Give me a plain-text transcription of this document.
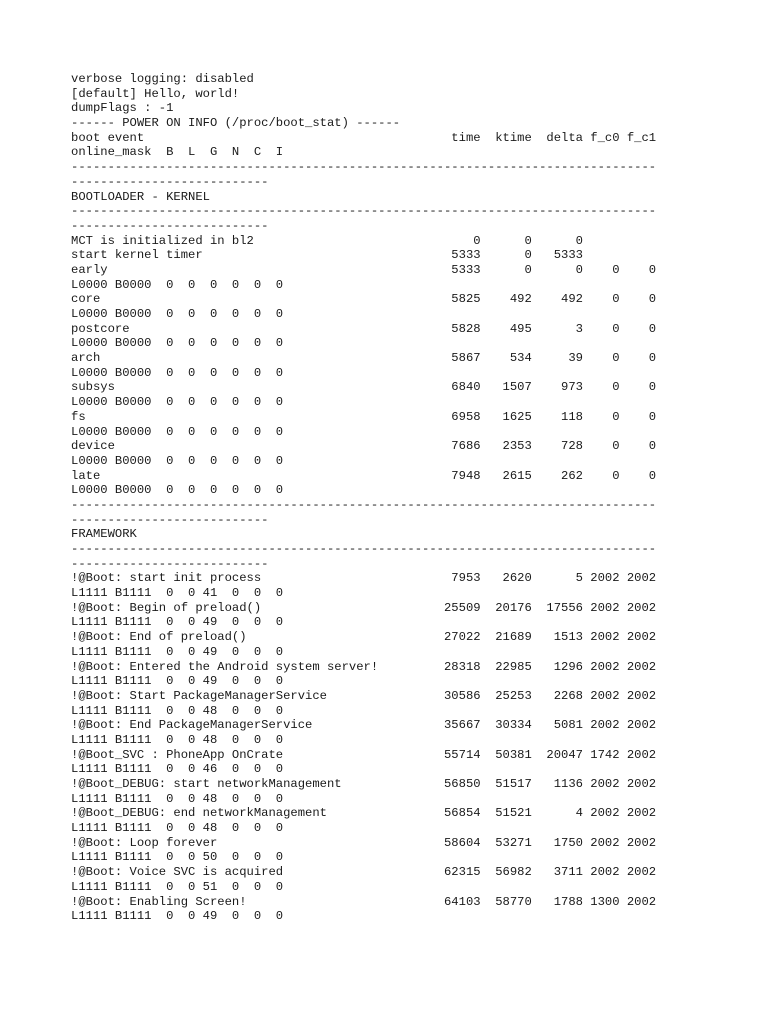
verbose logging: disabled
[default] Hello, world!
dumpFlags : -1
------ POWER ON INFO (/proc/boot_stat) ------
boot event                                          time  ktime  delta f_c0 f_c1
online_mask  B  L  G  N  C  I
--------------------------------------------------------------------------------
---------------------------
BOOTLOADER - KERNEL
--------------------------------------------------------------------------------
---------------------------
MCT is initialized in bl2                              0      0      0
start kernel timer                                  5333      0   5333
early                                               5333      0      0    0    0
L0000 B0000  0  0  0  0  0  0
core                                                5825    492    492    0    0
L0000 B0000  0  0  0  0  0  0
postcore                                            5828    495      3    0    0
L0000 B0000  0  0  0  0  0  0
arch                                                5867    534     39    0    0
L0000 B0000  0  0  0  0  0  0
subsys                                              6840   1507    973    0    0
L0000 B0000  0  0  0  0  0  0
fs                                                  6958   1625    118    0    0
L0000 B0000  0  0  0  0  0  0
device                                              7686   2353    728    0    0
L0000 B0000  0  0  0  0  0  0
late                                                7948   2615    262    0    0
L0000 B0000  0  0  0  0  0  0
--------------------------------------------------------------------------------
---------------------------
FRAMEWORK
--------------------------------------------------------------------------------
---------------------------
!@Boot: start init process                          7953   2620      5 2002 2002
L1111 B1111  0  0 41  0  0  0
!@Boot: Begin of preload()                         25509  20176  17556 2002 2002
L1111 B1111  0  0 49  0  0  0
!@Boot: End of preload()                           27022  21689   1513 2002 2002
L1111 B1111  0  0 49  0  0  0
!@Boot: Entered the Android system server!         28318  22985   1296 2002 2002
L1111 B1111  0  0 49  0  0  0
!@Boot: Start PackageManagerService                30586  25253   2268 2002 2002
L1111 B1111  0  0 48  0  0  0
!@Boot: End PackageManagerService                  35667  30334   5081 2002 2002
L1111 B1111  0  0 48  0  0  0
!@Boot_SVC : PhoneApp OnCrate                      55714  50381  20047 1742 2002
L1111 B1111  0  0 46  0  0  0
!@Boot_DEBUG: start networkManagement              56850  51517   1136 2002 2002
L1111 B1111  0  0 48  0  0  0
!@Boot_DEBUG: end networkManagement                56854  51521      4 2002 2002
L1111 B1111  0  0 48  0  0  0
!@Boot: Loop forever                               58604  53271   1750 2002 2002
L1111 B1111  0  0 50  0  0  0
!@Boot: Voice SVC is acquired                      62315  56982   3711 2002 2002
L1111 B1111  0  0 51  0  0  0
!@Boot: Enabling Screen!                           64103  58770   1788 1300 2002
L1111 B1111  0  0 49  0  0  0
